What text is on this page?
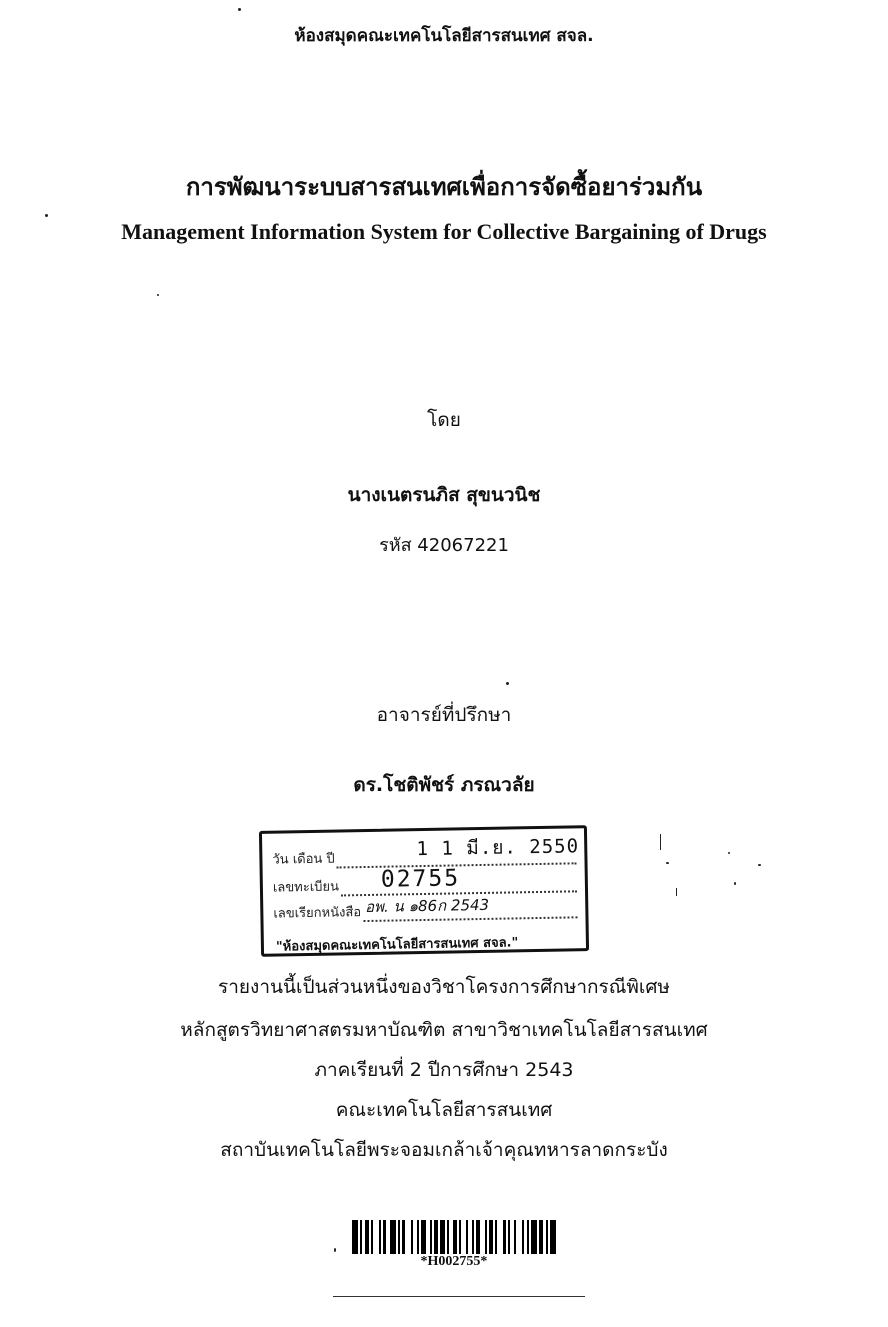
ห้องสมุดคณะเทคโนโลยีสารสนเทศ สจล.
การพัฒนาระบบสารสนเทศเพื่อการจัดซื้อยาร่วมกัน
Management Information System for Collective Bargaining of Drugs
โดย
นางเนตรนภิส สุขนวนิช
รหัส 42067221
อาจารย์ที่ปรึกษา
ดร.โชติพัชร์ ภรณวลัย
วัน เดือน ปี	1 1 มี.ย. 2550
เลขทะเบียน 02755
เลขเรียกหนังสือ อพ. น ๑86ก 2543
"ห้องสมุดคณะเทคโนโลยีสารสนเทศ สจล."
รายงานนี้เป็นส่วนหนึ่งของวิชาโครงการศึกษากรณีพิเศษ
หลักสูตรวิทยาศาสตรมหาบัณฑิต สาขาวิชาเทคโนโลยีสารสนเทศ
ภาคเรียนที่ 2 ปีการศึกษา 2543
คณะเทคโนโลยีสารสนเทศ
สถาบันเทคโนโลยีพระจอมเกล้าเจ้าคุณทหารลาดกระบัง
*H002755*
